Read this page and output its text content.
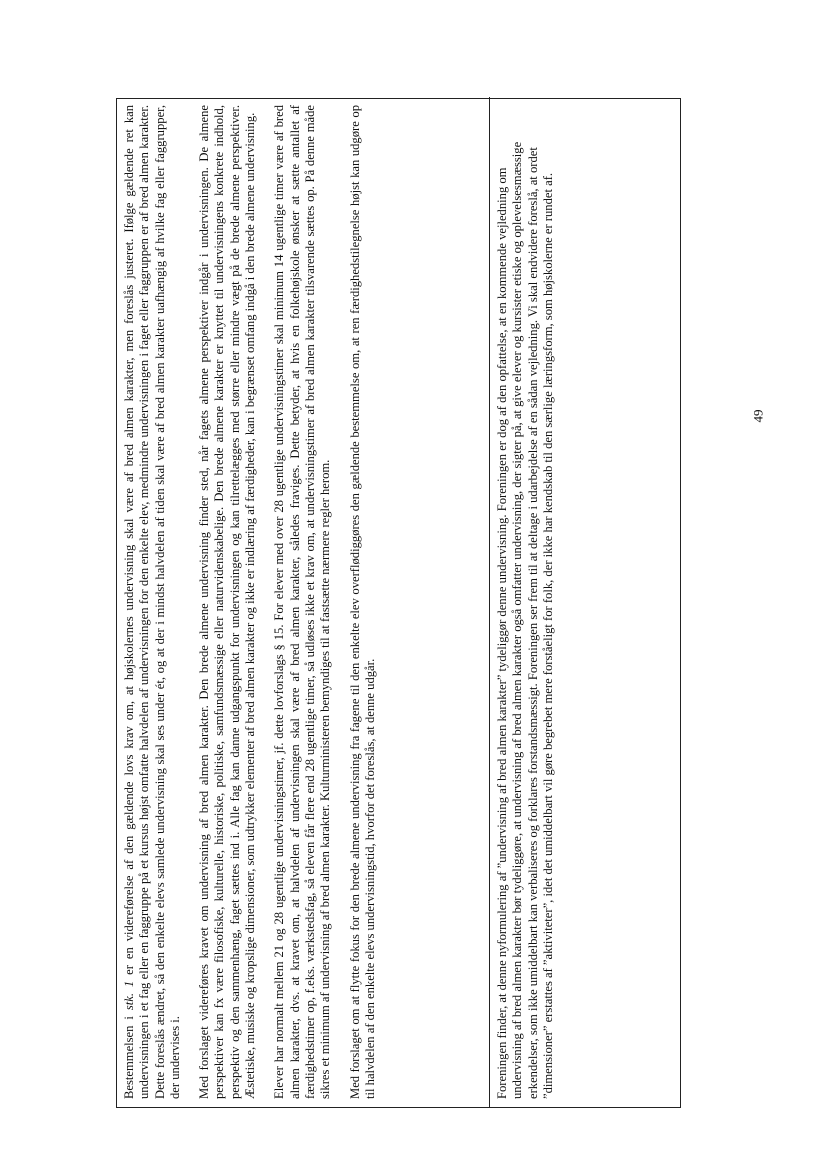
Bestemmelsen i stk. 1 er en videreførelse af den gældende lovs krav om, at højskolernes undervisning skal være af bred almen karakter, men foreslås justeret. Ifølge gældende ret kan undervisningen i et fag eller en faggruppe på et kursus højst omfatte halvdelen af undervisningen for den enkelte elev, medmindre undervisningen i faget eller faggruppen er af bred almen karakter. Dette foreslås ændret, så den enkelte elevs samlede undervisning skal ses under ét, og at der i mindst halvdelen af tiden skal være af bred almen karakter uafhængig af hvilke fag eller faggrupper, der undervises i. Med forslaget videreføres kravet om undervisning af bred almen karakter. Den brede almene undervisning finder sted, når fagets almene perspektiver indgår i undervisningen. De almene perspektiver kan fx være filosofiske, kulturelle, historiske, politiske, samfundsmæssige eller naturvidenskabelige. Den brede almene karakter er knyttet til undervisningens konkrete indhold, perspektiv og den sammenhæng, faget sættes ind i. Alle fag kan danne udgangspunkt for undervisningen og kan tilrettelægges med større eller mindre vægt på de brede almene perspektiver. Æstetiske, musiske og kropslige dimensioner, som udtrykker elementer af bred almen karakter og ikke er indlæring af færdigheder, kan i begrænset omfang indgå i den brede almene undervisning. Elever har normalt mellem 21 og 28 ugentlige undervisningstimer, jf. dette lovforslags § 15. For elever med over 28 ugentlige undervisningstimer skal minimum 14 ugentlige timer være af bred almen karakter, dvs. at kravet om, at halvdelen af undervisningen skal være af bred almen karakter, således fraviges. Dette betyder, at hvis en folkehøjskole ønsker at sætte antallet af færdighedstimer op, f.eks. værkstedsfag, så eleven får flere end 28 ugentlige timer, så udløses ikke et krav om, at undervisningstimer af bred almen karakter tilsvarende sættes op. På denne måde sikres et minimum af undervisning af bred almen karakter. Kulturministeren bemyndiges til at fastsætte nærmere regler herom. Med forslaget om at flytte fokus for den brede almene undervisning fra fagene til den enkelte elev overflødiggøres den gældende bestemmelse om, at ren færdighedstilegnelse højst kan udgøre op til halvdelen af den enkelte elevs undervisningstid, hvorfor det foreslås, at denne udgår.	Foreningen finder, at denne nyformulering af ”undervisning af bred almen karakter” tydeliggør denne undervisning. Foreningen er dog af den opfattelse, at en kommende vejledning om undervisning af bred almen karakter bør tydeliggøre, at undervisning af bred almen karakter også omfatter undervisning, der sigter på, at give elever og kursister etiske og oplevelsesmæssige erkendelser, som ikke umiddelbart kan verbaliseres og forklares forstandsmæssigt. Foreningen ser frem til at deltage i udarbejdelse af en sådan vejledning. Vi skal endvidere foreslå, at ordet ”dimensioner” erstattes af ”aktiviteter”, idet det umiddelbart vil gøre begrebet mere forståeligt for folk, der ikke har kendskab til den særlige læringsform, som højskolerne er rundet af.	49
